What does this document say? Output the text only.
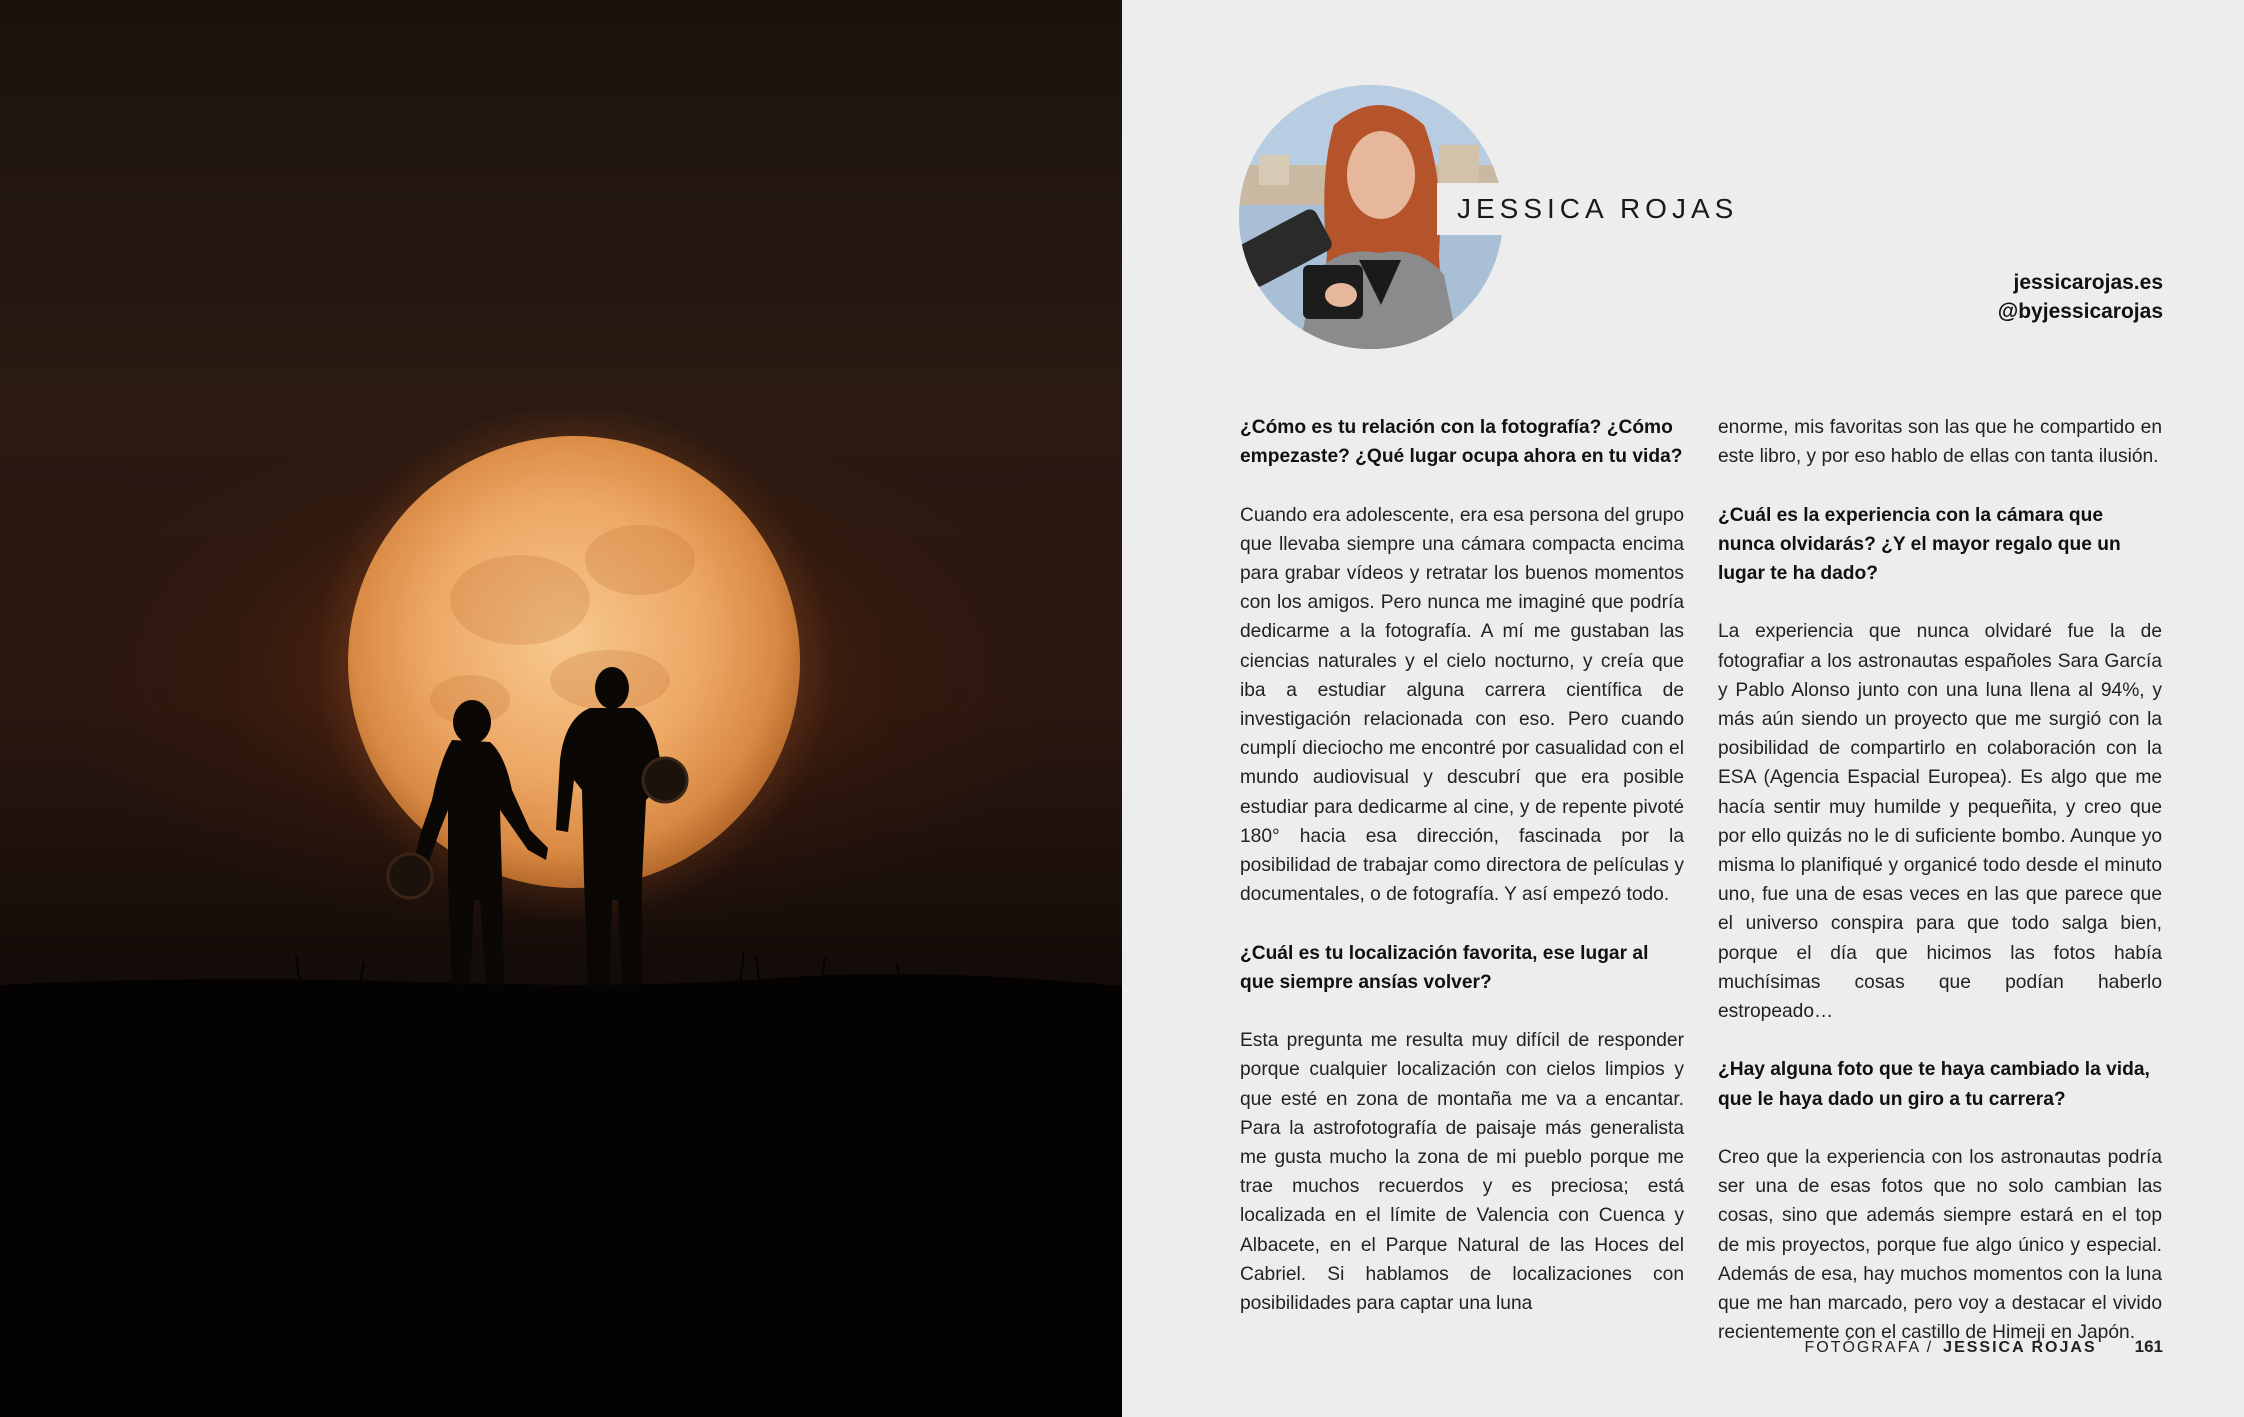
JESSICA ROJAS
jessicarojas.es
@byjessicarojas

¿Cómo es tu relación con la fotografía? ¿Cómo empezaste? ¿Qué lugar ocupa ahora en tu vida?

Cuando era adolescente, era esa persona del grupo que llevaba siempre una cámara compacta encima para grabar vídeos y retratar los buenos momentos con los amigos. Pero nunca me imaginé que podría dedicarme a la fotografía. A mí me gustaban las ciencias naturales y el cielo nocturno, y creía que iba a estudiar alguna carrera científica de investigación relacionada con eso. Pero cuando cumplí dieciocho me encontré por casualidad con el mundo audiovisual y descubrí que era posible estudiar para dedicarme al cine, y de repente pivoté 180° hacia esa dirección, fascinada por la posibilidad de trabajar como directora de películas y documentales, o de fotografía. Y así empezó todo.

¿Cuál es tu localización favorita, ese lugar al que siempre ansías volver?

Esta pregunta me resulta muy difícil de responder porque cualquier localización con cielos limpios y que esté en zona de montaña me va a encantar. Para la astrofotografía de paisaje más generalista me gusta mucho la zona de mi pueblo porque me trae muchos recuerdos y es preciosa; está localizada en el límite de Valencia con Cuenca y Albacete, en el Parque Natural de las Hoces del Cabriel. Si hablamos de localizaciones con posibilidades para captar una luna

enorme, mis favoritas son las que he compartido en este libro, y por eso hablo de ellas con tanta ilusión.

¿Cuál es la experiencia con la cámara que nunca olvidarás? ¿Y el mayor regalo que un lugar te ha dado?

La experiencia que nunca olvidaré fue la de fotografiar a los astronautas españoles Sara García y Pablo Alonso junto con una luna llena al 94%, y más aún siendo un proyecto que me surgió con la posibilidad de compartirlo en colaboración con la ESA (Agencia Espacial Europea). Es algo que me hacía sentir muy humilde y pequeñita, y creo que por ello quizás no le di suficiente bombo. Aunque yo misma lo planifiqué y organicé todo desde el minuto uno, fue una de esas veces en las que parece que el universo conspira para que todo salga bien, porque el día que hicimos las fotos había muchísimas cosas que podían haberlo estropeado…

¿Hay alguna foto que te haya cambiado la vida, que le haya dado un giro a tu carrera?

Creo que la experiencia con los astronautas podría ser una de esas fotos que no solo cambian las cosas, sino que además siempre estará en el top de mis proyectos, porque fue algo único y especial. Además de esa, hay muchos momentos con la luna que me han marcado, pero voy a destacar el vivido recientemente con el castillo de Himeji en Japón.

FOTÓGRAFA / JESSICA ROJAS 161
